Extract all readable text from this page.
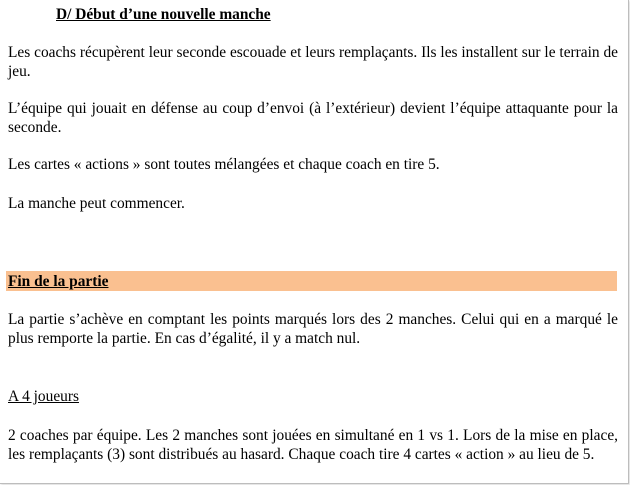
D/ Début d’une nouvelle manche

Les coachs récupèrent leur seconde escouade et leurs remplaçants. Ils les installent sur le terrain de jeu.

L’équipe qui jouait en défense au coup d’envoi (à l’extérieur) devient l’équipe attaquante pour la seconde.

Les cartes « actions » sont toutes mélangées et chaque coach en tire 5.

La manche peut commencer.

Fin de la partie

La partie s’achève en comptant les points marqués lors des 2 manches. Celui qui en a marqué le plus remporte la partie. En cas d’égalité, il y a match nul.

A 4 joueurs

2 coaches par équipe. Les 2 manches sont jouées en simultané en 1 vs 1. Lors de la mise en place, les remplaçants (3) sont distribués au hasard. Chaque coach tire 4 cartes « action » au lieu de 5.
